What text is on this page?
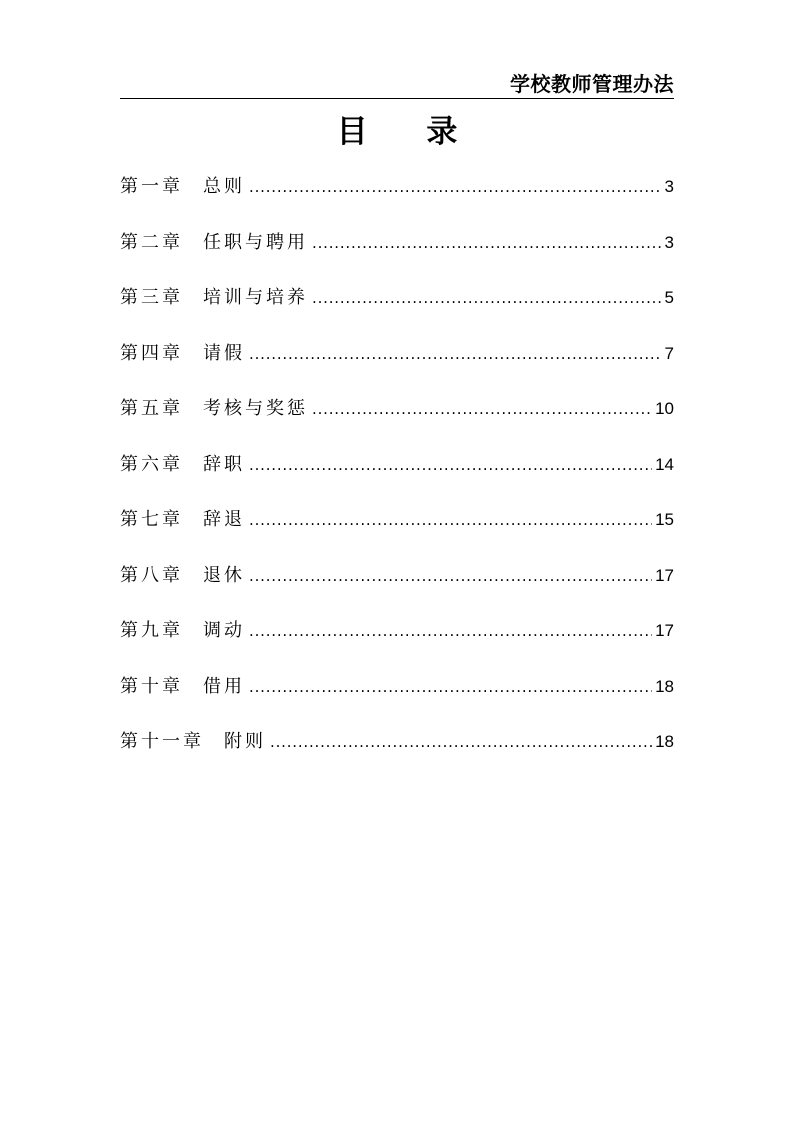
学校教师管理办法
目 录
第一章 总则 .....	3
第二章 任职与聘用 .....	3
第三章 培训与培养 .....	5
第四章 请假 .....	7
第五章 考核与奖惩 .....	10
第六章 辞职 .....	14
第七章 辞退 .....	15
第八章 退休 .....	17
第九章 调动 .....	17
第十章 借用 .....	18
第十一章 附则 .....	18
